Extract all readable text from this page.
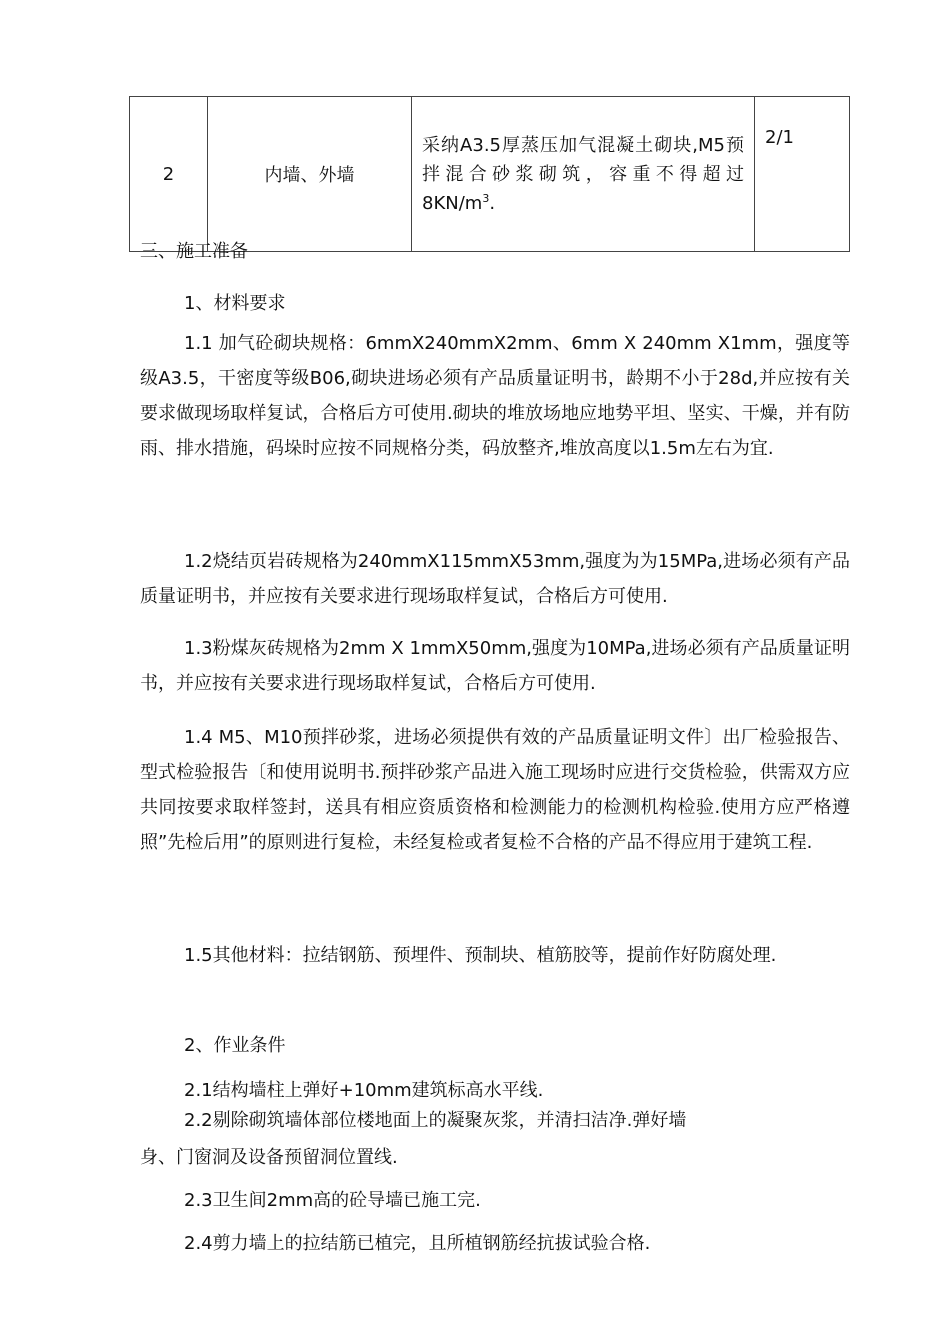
2	内墙、外墙	采纳A3.5厚蒸压加气混凝土砌块,M5预拌混合砂浆砌筑，容重不得超过$8KN/m^3$.	2/1
三、施工准备
1、材料要求
1.1 加气砼砌块规格：6mmX240mmX2mm、6mm X 240mm X1mm，强度等级A3.5，干密度等级B06,砌块进场必须有产品质量证明书，龄期不小于28d,并应按有关要求做现场取样复试，合格后方可使用.砌块的堆放场地应地势平坦、坚实、干燥，并有防雨、排水措施，码垛时应按不同规格分类，码放整齐,堆放高度以1.5m左右为宜.
1.2烧结页岩砖规格为240mmX115mmX53mm,强度为为15MPa,进场必须有产品质量证明书，并应按有关要求进行现场取样复试，合格后方可使用.
1.3粉煤灰砖规格为2mm X 1mmX50mm,强度为10MPa,进场必须有产品质量证明书，并应按有关要求进行现场取样复试，合格后方可使用.
1.4 M5、M10预拌砂浆，进场必须提供有效的产品质量证明文件〕出厂检验报告、型式检验报告〔和使用说明书.预拌砂浆产品进入施工现场时应进行交货检验，供需双方应共同按要求取样签封，送具有相应资质资格和检测能力的检测机构检验.使用方应严格遵照”先检后用”的原则进行复检，未经复检或者复检不合格的产品不得应用于建筑工程.
1.5其他材料：拉结钢筋、预埋件、预制块、植筋胶等，提前作好防腐处理.
2、作业条件
2.1结构墙柱上弹好+10mm建筑标高水平线.
2.2剔除砌筑墙体部位楼地面上的凝聚灰浆，并清扫洁净.弹好墙
身、门窗洞及设备预留洞位置线.
2.3卫生间2mm高的砼导墙已施工完.
2.4剪力墙上的拉结筋已植完，且所植钢筋经抗拔试验合格.
